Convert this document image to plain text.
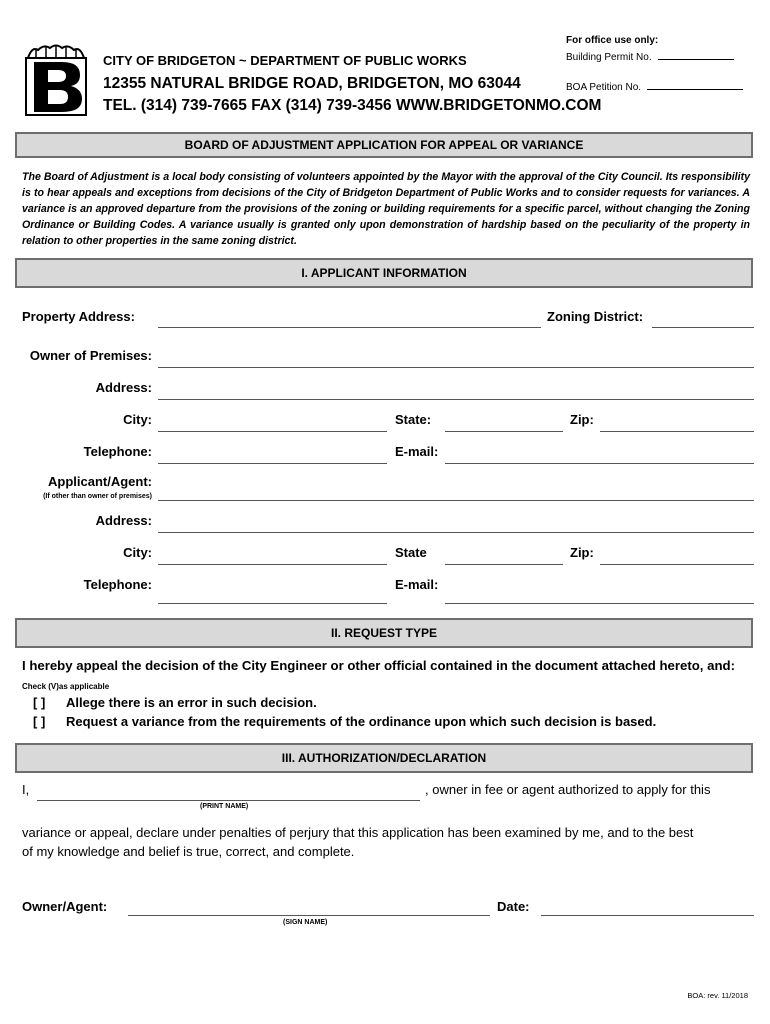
CITY OF BRIDGETON ~ DEPARTMENT OF PUBLIC WORKS
12355 NATURAL BRIDGE ROAD, BRIDGETON, MO 63044
TEL. (314) 739-7665 FAX (314) 739-3456 WWW.BRIDGETONMO.COM
For office use only:
Building Permit No.
BOA Petition No.
BOARD OF ADJUSTMENT APPLICATION FOR APPEAL OR VARIANCE
The Board of Adjustment is a local body consisting of volunteers appointed by the Mayor with the approval of the City Council. Its responsibility is to hear appeals and exceptions from decisions of the City of Bridgeton Department of Public Works and to consider requests for variances. A variance is an approved departure from the provisions of the zoning or building requirements for a specific parcel, without changing the Zoning Ordinance or Building Codes. A variance usually is granted only upon demonstration of hardship based on the peculiarity of the property in relation to other properties in the same zoning district.
I. APPLICANT INFORMATION
Property Address:	Zoning District:
Owner of Premises:
Address:
City:	State:	Zip:
Telephone:	E-mail:
Applicant/Agent:
(If other than owner of premises)
Address:
City:	State	Zip:
Telephone:	E-mail:
II. REQUEST TYPE
I hereby appeal the decision of the City Engineer or other official contained in the document attached hereto, and:
Check (V)as applicable
[ ] Allege there is an error in such decision.
[ ] Request a variance from the requirements of the ordinance upon which such decision is based.
III. AUTHORIZATION/DECLARATION
I,	, owner in fee or agent authorized to apply for this
(PRINT NAME)
variance or appeal, declare under penalties of perjury that this application has been examined by me, and to the best
of my knowledge and belief is true, correct, and complete.
Owner/Agent:
(SIGN NAME)
Date:
BOA: rev. 11/2018
